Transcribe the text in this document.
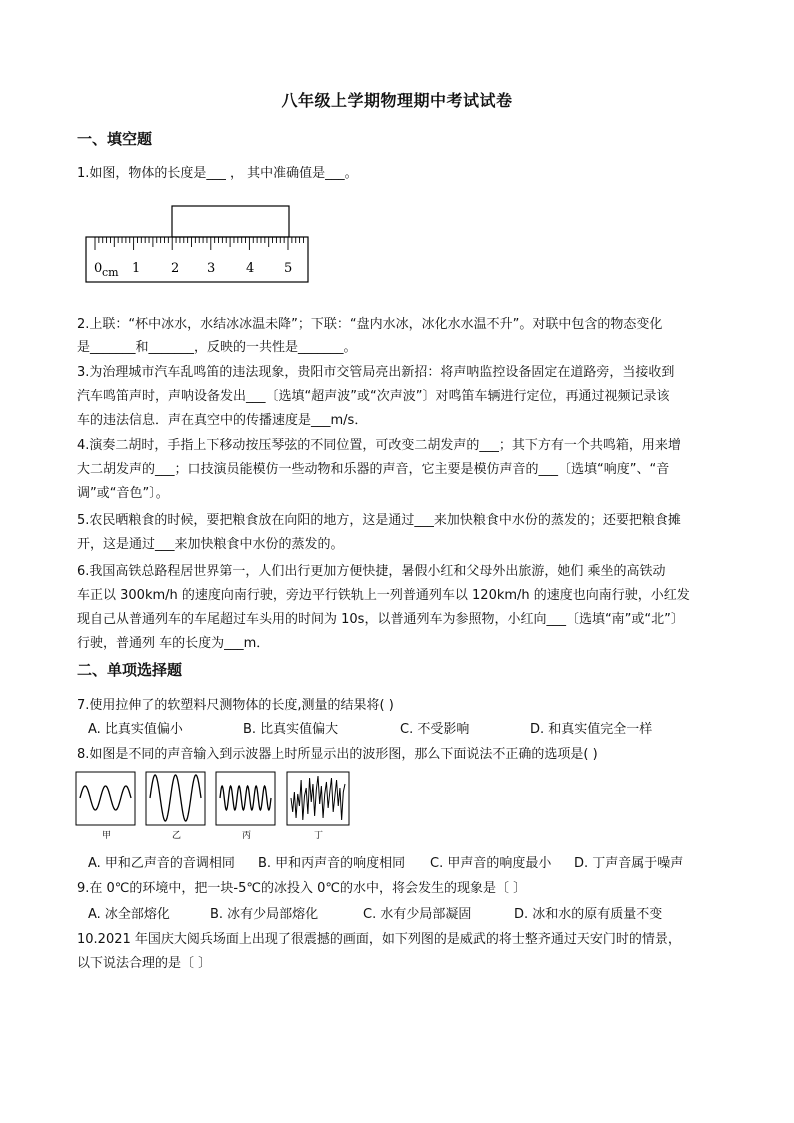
八年级上学期物理期中考试试卷
一、填空题
1.如图，物体的长度是___ ， 其中准确值是___。
0 cm 1 2 3 4 5
2.上联：“杯中冰水，水结冰冰温未降”；下联：“盘内水冰，冰化水水温不升”。对联中包含的物态变化
是_______和_______，反映的一共性是_______。
3.为治理城市汽车乱鸣笛的违法现象，贵阳市交管局亮出新招：将声呐监控设备固定在道路旁，当接收到
汽车鸣笛声时，声呐设备发出___〔选填“超声波”或“次声波”〕对鸣笛车辆进行定位，再通过视频记录该
车的违法信息．声在真空中的传播速度是___m/s．
4.演奏二胡时，手指上下移动按压琴弦的不同位置，可改变二胡发声的___；其下方有一个共鸣箱，用来增
大二胡发声的___；口技演员能模仿一些动物和乐器的声音，它主要是模仿声音的___〔选填“响度”、“音
调”或“音色”〕。
5.农民晒粮食的时候，要把粮食放在向阳的地方，这是通过___来加快粮食中水份的蒸发的；还要把粮食摊
开，这是通过___来加快粮食中水份的蒸发的。
6.我国高铁总路程居世界第一，人们出行更加方便快捷，暑假小红和父母外出旅游，她们 乘坐的高铁动
车正以 300km/h 的速度向南行驶，旁边平行铁轨上一列普通列车以 120km/h 的速度也向南行驶，小红发
现自己从普通列车的车尾超过车头用的时间为 10s，以普通列车为参照物，小红向___〔选填“南”或“北”〕
行驶，普通列 车的长度为___m．
二、单项选择题
7.使用拉伸了的软塑料尺测物体的长度,测量的结果将( )
A. 比真实值偏小	B. 比真实值偏大	C. 不受影响	D. 和真实值完全一样
8.如图是不同的声音输入到示波器上时所显示出的波形图，那么下面说法不正确的选项是( )
甲	乙	丙	丁
A. 甲和乙声音的音调相同 B. 甲和丙声音的响度相同 C. 甲声音的响度最小 D. 丁声音属于噪声
9.在 0℃的环境中，把一块-5℃的冰投入 0℃的水中，将会发生的现象是〔 〕
A. 冰全部熔化	B. 冰有少局部熔化	C. 水有少局部凝固	D. 冰和水的原有质量不变
10.2021 年国庆大阅兵场面上出现了很震撼的画面，如下列图的是威武的将士整齐通过天安门时的情景，
以下说法合理的是〔 〕
